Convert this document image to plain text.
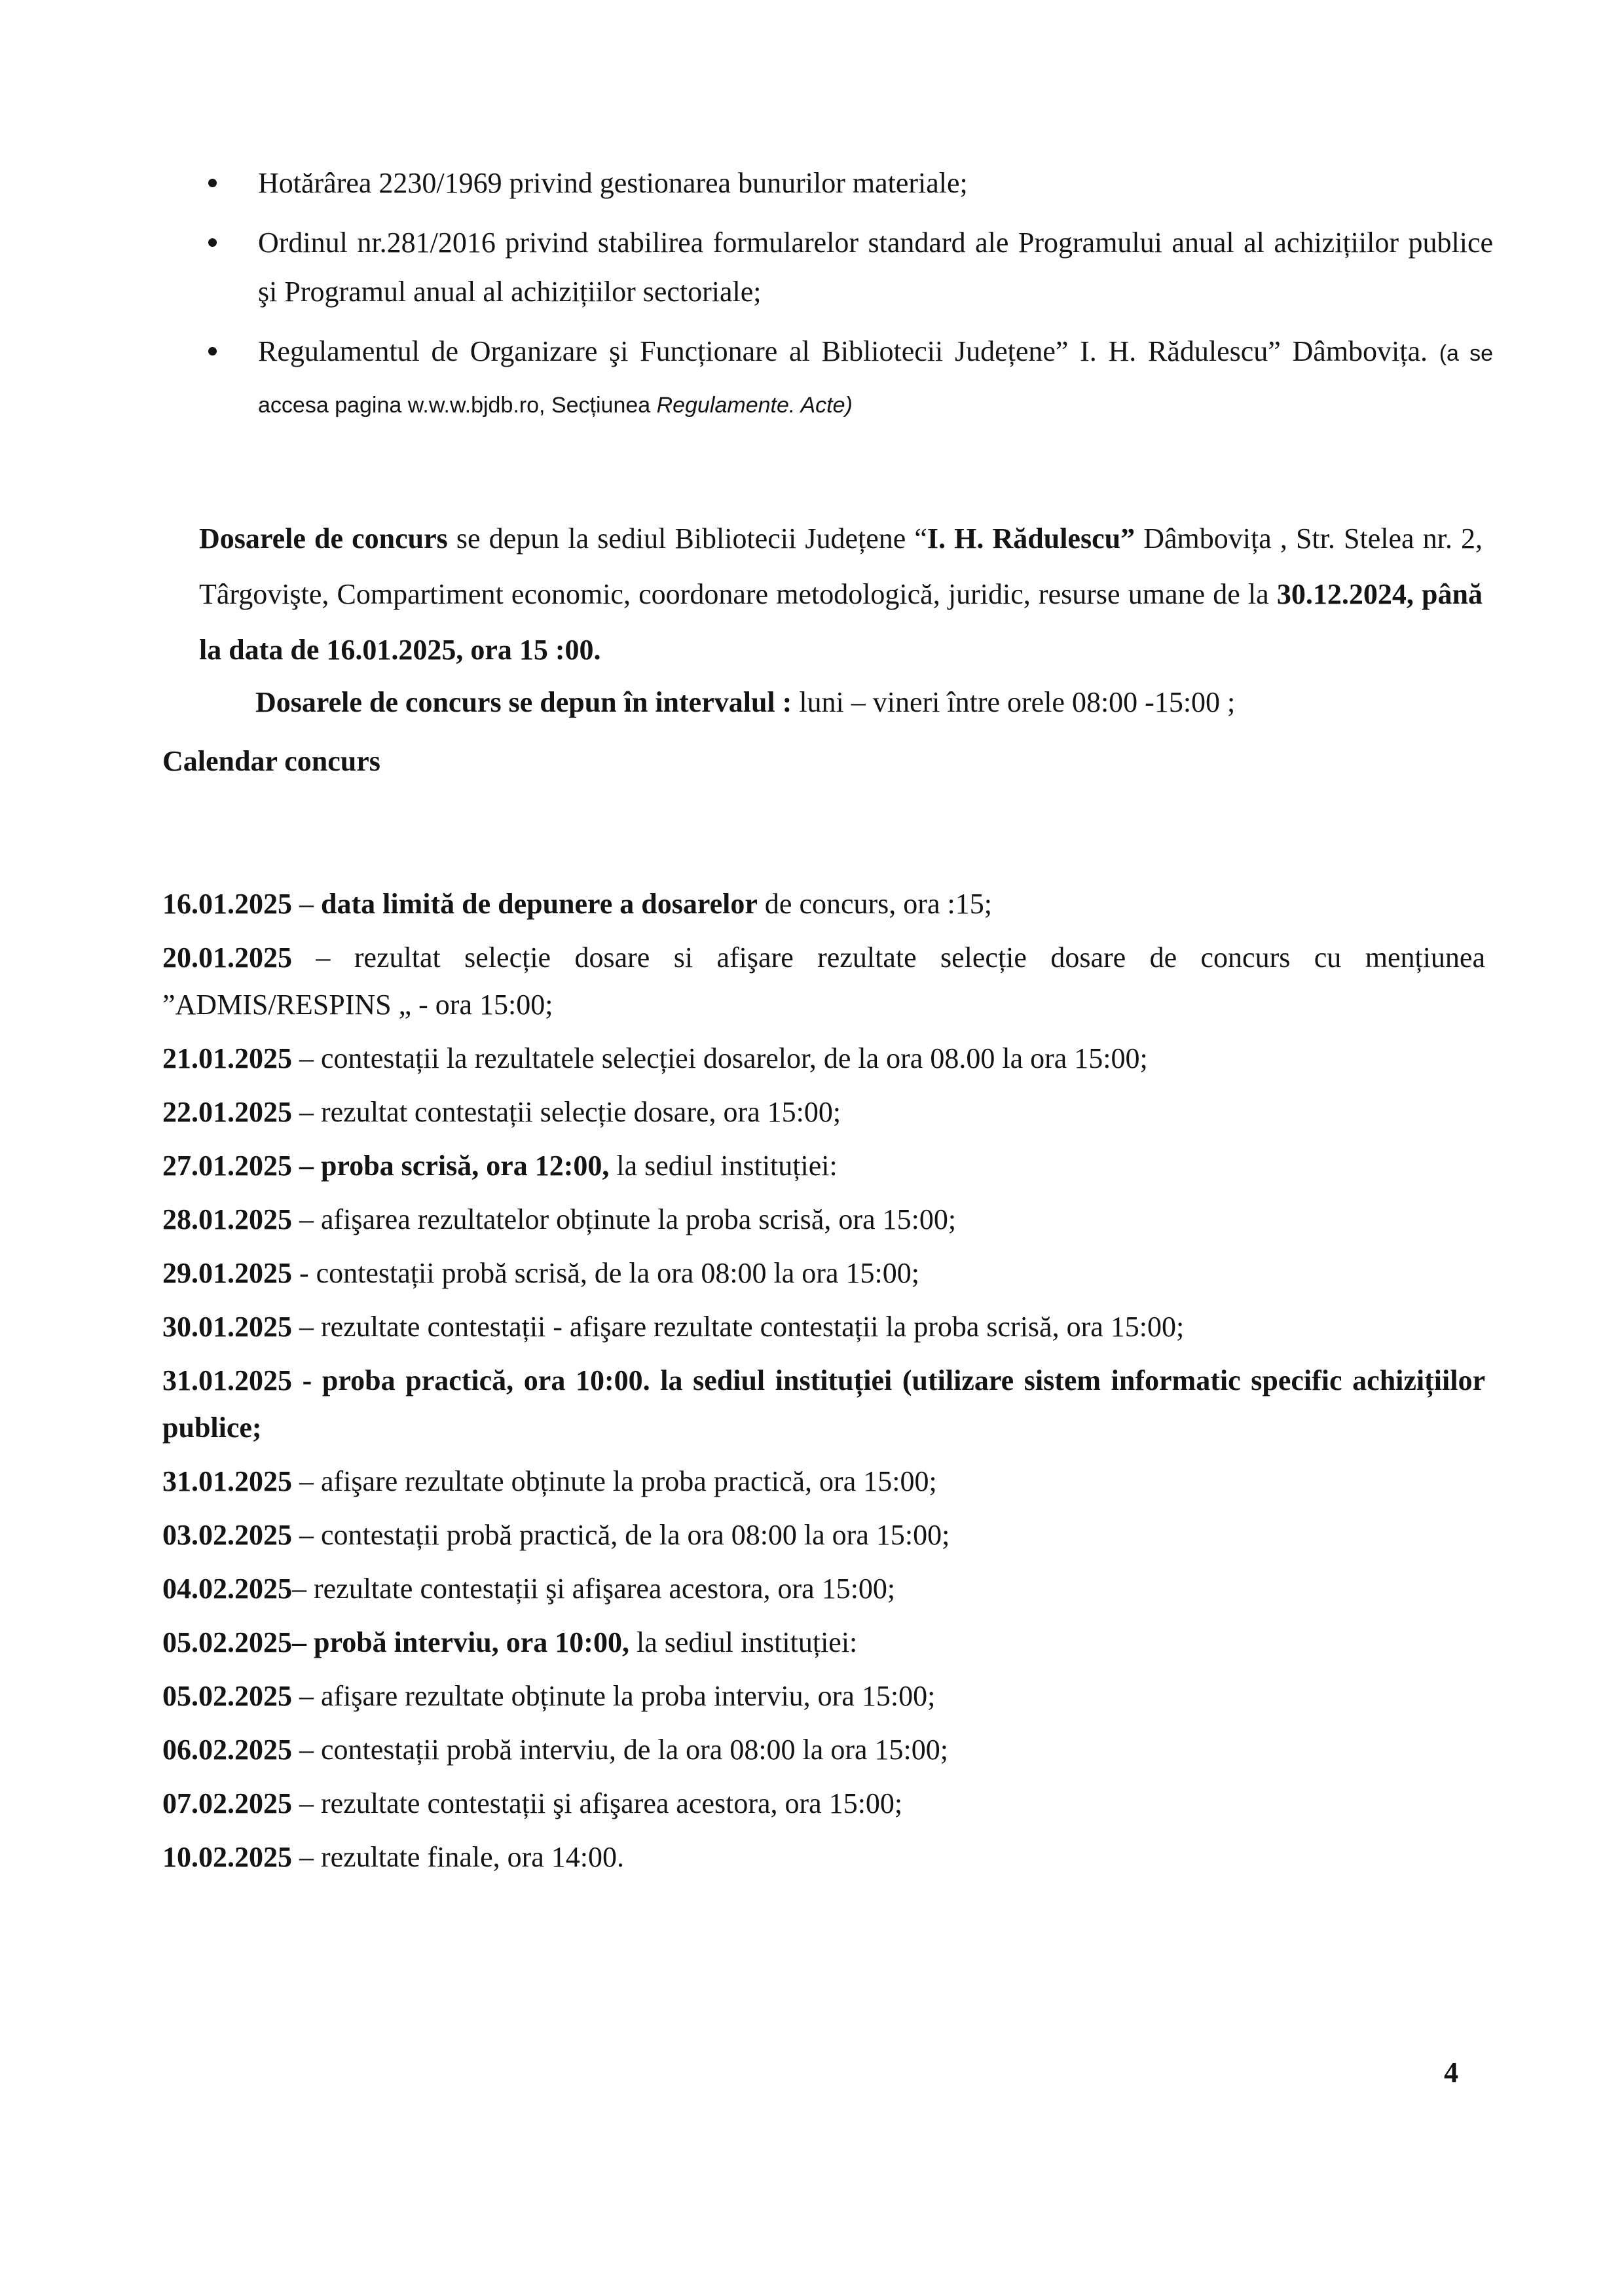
Hotărârea 2230/1969 privind gestionarea bunurilor materiale;
Ordinul nr.281/2016 privind stabilirea formularelor standard ale Programului anual al achizițiilor publice şi Programul anual al achizițiilor sectoriale;
Regulamentul de Organizare şi Funcționare al Bibliotecii Județene” I. H. Rădulescu” Dâmbovița. (a se accesa pagina w.w.w.bjdb.ro, Secțiunea Regulamente. Acte)
Dosarele de concurs se depun la sediul Bibliotecii Județene “I. H. Rădulescu” Dâmbovița , Str. Stelea nr. 2, Târgovişte, Compartiment economic, coordonare metodologică, juridic, resurse umane de la 30.12.2024, până la data de 16.01.2025, ora 15 :00.
Dosarele de concurs se depun în intervalul : luni – vineri între orele 08:00 -15:00 ;
Calendar concurs
16.01.2025 – data limită de depunere a dosarelor de concurs, ora :15;
20.01.2025 – rezultat selecție dosare si afişare rezultate selecție dosare de concurs cu mențiunea ”ADMIS/RESPINS „ - ora 15:00;
21.01.2025 – contestații la rezultatele selecției dosarelor, de la ora 08.00 la ora 15:00;
22.01.2025 – rezultat contestații selecție dosare, ora 15:00;
27.01.2025 – proba scrisă, ora 12:00, la sediul instituției:
28.01.2025 – afişarea rezultatelor obținute la proba scrisă, ora 15:00;
29.01.2025 - contestații probă scrisă, de la ora 08:00 la ora 15:00;
30.01.2025 – rezultate contestații - afişare rezultate contestații la proba scrisă, ora 15:00;
31.01.2025 - proba practică, ora 10:00. la sediul instituției (utilizare sistem informatic specific achizițiilor publice;
31.01.2025 – afişare rezultate obținute la proba practică, ora 15:00;
03.02.2025 – contestații probă practică, de la ora 08:00 la ora 15:00;
04.02.2025– rezultate contestații şi afişarea acestora, ora 15:00;
05.02.2025– probă interviu, ora 10:00, la sediul instituției:
05.02.2025 – afişare rezultate obținute la proba interviu, ora 15:00;
06.02.2025 – contestații probă interviu, de la ora 08:00 la ora 15:00;
07.02.2025 – rezultate contestații şi afişarea acestora, ora 15:00;
10.02.2025 – rezultate finale, ora 14:00.
4
